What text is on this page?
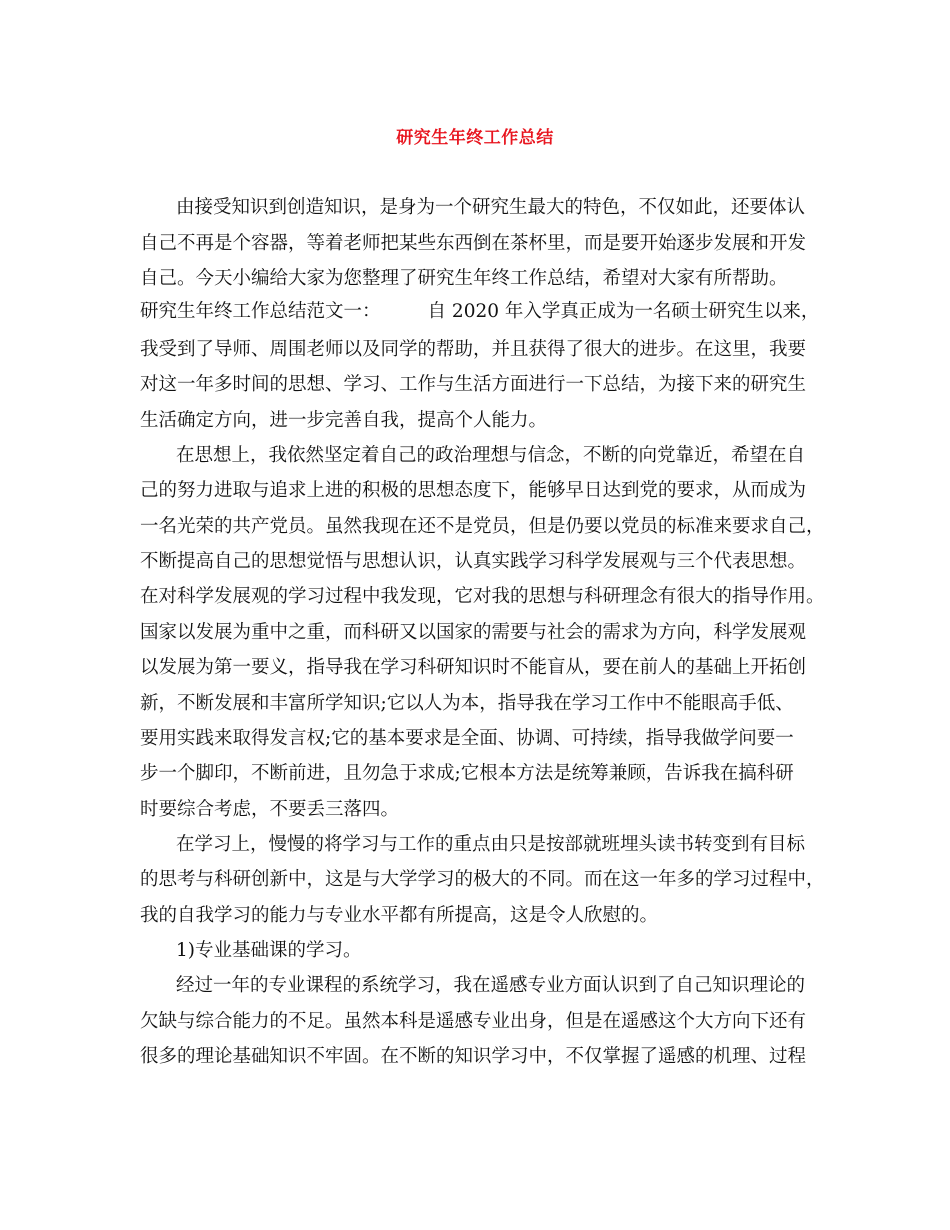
研究生年终工作总结
由接受知识到创造知识，是身为一个研究生最大的特色，不仅如此，还要体认
自己不再是个容器，等着老师把某些东西倒在茶杯里，而是要开始逐步发展和开发
自己。今天小编给大家为您整理了研究生年终工作总结，希望对大家有所帮助。
研究生年终工作总结范文一：        自 2020 年入学真正成为一名硕士研究生以来，
我受到了导师、周围老师以及同学的帮助，并且获得了很大的进步。在这里，我要
对这一年多时间的思想、学习、工作与生活方面进行一下总结，为接下来的研究生
生活确定方向，进一步完善自我，提高个人能力。
在思想上，我依然坚定着自己的政治理想与信念，不断的向党靠近，希望在自
己的努力进取与追求上进的积极的思想态度下，能够早日达到党的要求，从而成为
一名光荣的共产党员。虽然我现在还不是党员，但是仍要以党员的标准来要求自己，
不断提高自己的思想觉悟与思想认识，认真实践学习科学发展观与三个代表思想。
在对科学发展观的学习过程中我发现，它对我的思想与科研理念有很大的指导作用。
国家以发展为重中之重，而科研又以国家的需要与社会的需求为方向，科学发展观
以发展为第一要义，指导我在学习科研知识时不能盲从，要在前人的基础上开拓创
新，不断发展和丰富所学知识;它以人为本，指导我在学习工作中不能眼高手低、
要用实践来取得发言权;它的基本要求是全面、协调、可持续，指导我做学问要一
步一个脚印，不断前进，且勿急于求成;它根本方法是统筹兼顾，告诉我在搞科研
时要综合考虑，不要丢三落四。
在学习上，慢慢的将学习与工作的重点由只是按部就班埋头读书转变到有目标
的思考与科研创新中，这是与大学学习的极大的不同。而在这一年多的学习过程中，
我的自我学习的能力与专业水平都有所提高，这是令人欣慰的。
1)专业基础课的学习。
经过一年的专业课程的系统学习，我在遥感专业方面认识到了自己知识理论的
欠缺与综合能力的不足。虽然本科是遥感专业出身，但是在遥感这个大方向下还有
很多的理论基础知识不牢固。在不断的知识学习中，不仅掌握了遥感的机理、过程
